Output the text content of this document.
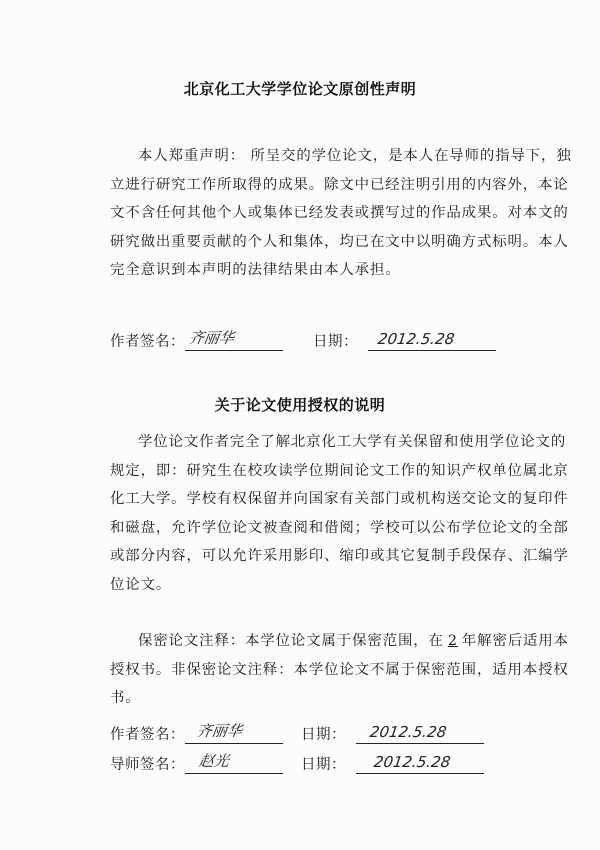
北京化工大学学位论文原创性声明
本人郑重声明： 所呈交的学位论文，是本人在导师的指导下，独
立进行研究工作所取得的成果。除文中已经注明引用的内容外，本论
文不含任何其他个人或集体已经发表或撰写过的作品成果。对本文的
研究做出重要贡献的个人和集体，均已在文中以明确方式标明。本人
完全意识到本声明的法律结果由本人承担。
作者签名： 齐丽华	日期： 2012.5.28
关于论文使用授权的说明
学位论文作者完全了解北京化工大学有关保留和使用学位论文的
规定，即：研究生在校攻读学位期间论文工作的知识产权单位属北京
化工大学。学校有权保留并向国家有关部门或机构送交论文的复印件
和磁盘，允许学位论文被查阅和借阅；学校可以公布学位论文的全部
或部分内容，可以允许采用影印、缩印或其它复制手段保存、汇编学
位论文。
保密论文注释：本学位论文属于保密范围，在 2 年解密后适用本
授权书。非保密论文注释：本学位论文不属于保密范围，适用本授权
书。
作者签名： 齐丽华	日期： 2012.5.28
导师签名： 赵光	日期： 2012.5.28
